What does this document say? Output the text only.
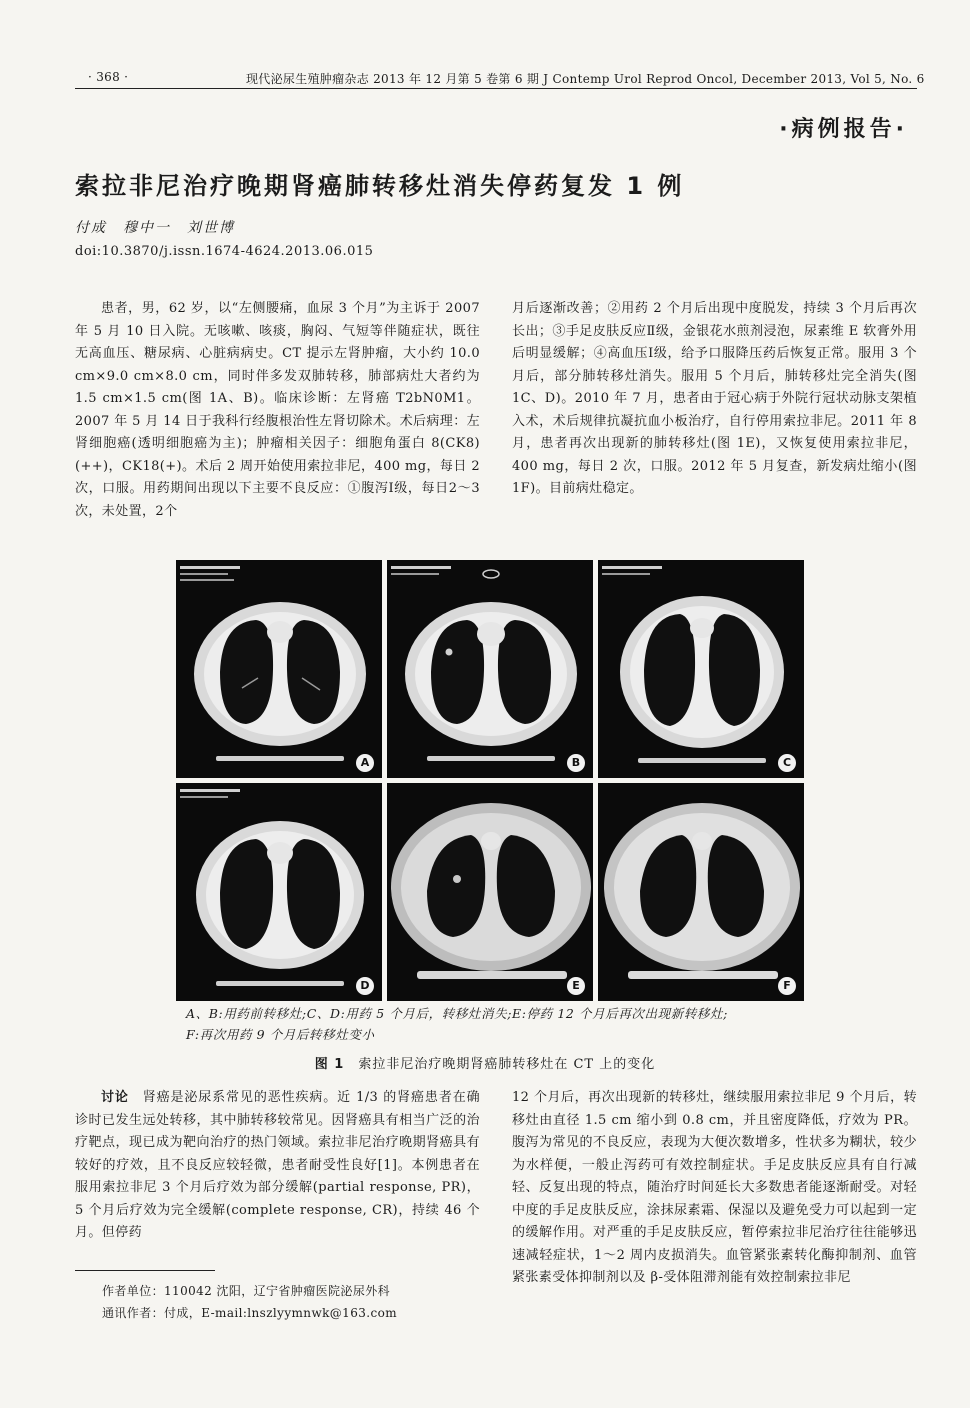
· 368 ·	现代泌尿生殖肿瘤杂志 2013 年 12 月第 5 卷第 6 期 J Contemp Urol Reprod Oncol, December 2013, Vol 5, No. 6
·病例报告·
索拉非尼治疗晚期肾癌肺转移灶消失停药复发 1 例
付成　穆中一　刘世博
doi:10.3870/j.issn.1674-4624.2013.06.015

患者，男，62 岁，以“左侧腰痛，血尿 3 个月”为主诉于 2007 年 5 月 10 日入院。无咳嗽、咳痰，胸闷、气短等伴随症状，既往无高血压、糖尿病、心脏病病史。CT 提示左肾肿瘤，大小约 10.0 cm×9.0 cm×8.0 cm，同时伴多发双肺转移，肺部病灶大者约为 1.5 cm×1.5 cm(图 1A、B)。临床诊断：左肾癌 T2bN0M1。2007 年 5 月 14 日于我科行经腹根治性左肾切除术。术后病理：左肾细胞癌(透明细胞癌为主)；肿瘤相关因子：细胞角蛋白 8(CK8)(++)，CK18(+)。术后 2 周开始使用索拉非尼，400 mg，每日 2 次，口服。用药期间出现以下主要不良反应：①腹泻Ⅰ级，每日2～3次，未处置，2个

月后逐渐改善；②用药 2 个月后出现中度脱发，持续 3 个月后再次长出；③手足皮肤反应Ⅱ级，金银花水煎剂浸泡，尿素维 E 软膏外用后明显缓解；④高血压Ⅰ级，给予口服降压药后恢复正常。服用 3 个月后，部分肺转移灶消失。服用 5 个月后，肺转移灶完全消失(图 1C、D)。2010 年 7 月，患者由于冠心病于外院行冠状动脉支架植入术，术后规律抗凝抗血小板治疗，自行停用索拉非尼。2011 年 8 月，患者再次出现新的肺转移灶(图 1E)，又恢复使用索拉非尼，400 mg，每日 2 次，口服。2012 年 5 月复查，新发病灶缩小(图 1F)。目前病灶稳定。

A	B	C
D	E	F
A、B:用药前转移灶;C、D:用药 5 个月后，转移灶消失;E:停药 12 个月后再次出现新转移灶;
F:再次用药 9 个月后转移灶变小
图 1 索拉非尼治疗晚期肾癌肺转移灶在 CT 上的变化

讨论　 肾癌是泌尿系常见的恶性疾病。近 1/3 的肾癌患者在确诊时已发生远处转移，其中肺转移较常见。因肾癌具有相当广泛的治疗靶点，现已成为靶向治疗的热门领域。索拉非尼治疗晚期肾癌具有较好的疗效，且不良反应较轻微，患者耐受性良好[1]。本例患者在服用索拉非尼 3 个月后疗效为部分缓解(partial response, PR)，5 个月后疗效为完全缓解(complete response, CR)，持续 46 个月。但停药

12 个月后，再次出现新的转移灶，继续服用索拉非尼 9 个月后，转移灶由直径 1.5 cm 缩小到 0.8 cm，并且密度降低，疗效为 PR。腹泻为常见的不良反应，表现为大便次数增多，性状多为糊状，较少为水样便，一般止泻药可有效控制症状。手足皮肤反应具有自行减轻、反复出现的特点，随治疗时间延长大多数患者能逐渐耐受。对轻中度的手足皮肤反应，涂抹尿素霜、保湿以及避免受力可以起到一定的缓解作用。对严重的手足皮肤反应，暂停索拉非尼治疗往往能够迅速减轻症状，1～2 周内皮损消失。血管紧张素转化酶抑制剂、血管紧张素受体抑制剂以及 β-受体阻滞剂能有效控制索拉非尼

作者单位：110042 沈阳，辽宁省肿瘤医院泌尿外科
通讯作者：付成，E-mail:lnszlyymnwk@163.com
